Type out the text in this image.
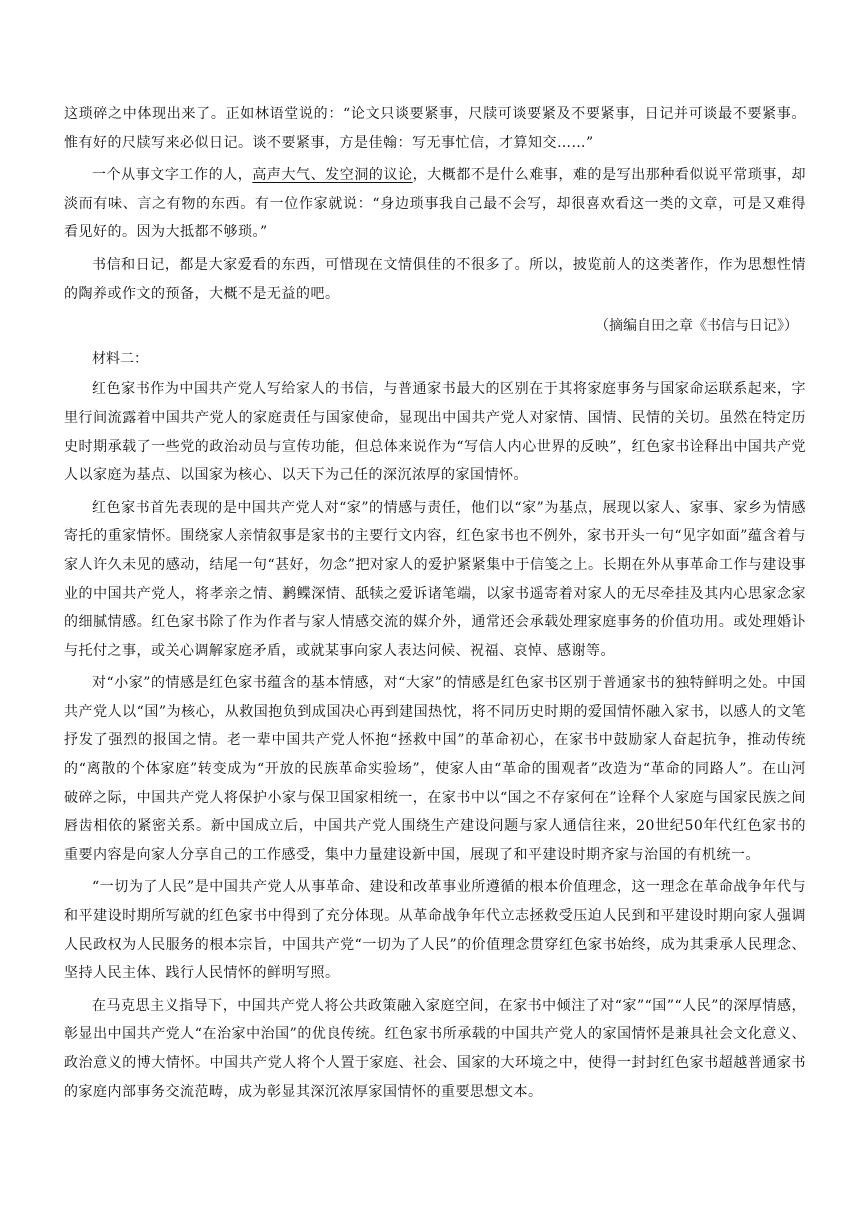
这琐碎之中体现出来了。正如林语堂说的：“论文只谈要紧事，尺牍可谈要紧及不要紧事，日记并可谈最不要紧事。惟有好的尺牍写来必似日记。谈不要紧事，方是佳翰：写无事忙信，才算知交……”

一个从事文字工作的人，高声大气、发空洞的议论，大概都不是什么难事，难的是写出那种看似说平常琐事，却淡而有味、言之有物的东西。有一位作家就说：“身边琐事我自己最不会写，却很喜欢看这一类的文章，可是又难得看见好的。因为大抵都不够琐。”

书信和日记，都是大家爱看的东西，可惜现在文情俱佳的不很多了。所以，披览前人的这类著作，作为思想性情的陶养或作文的预备，大概不是无益的吧。

（摘编自田之章《书信与日记》）

材料二：

红色家书作为中国共产党人写给家人的书信，与普通家书最大的区别在于其将家庭事务与国家命运联系起来，字里行间流露着中国共产党人的家庭责任与国家使命，显现出中国共产党人对家情、国情、民情的关切。虽然在特定历史时期承载了一些党的政治动员与宣传功能，但总体来说作为“写信人内心世界的反映”，红色家书诠释出中国共产党人以家庭为基点、以国家为核心、以天下为己任的深沉浓厚的家国情怀。

红色家书首先表现的是中国共产党人对“家”的情感与责任，他们以“家”为基点，展现以家人、家事、家乡为情感寄托的重家情怀。围绕家人亲情叙事是家书的主要行文内容，红色家书也不例外，家书开头一句“见字如面”蕴含着与家人许久未见的感动，结尾一句“甚好，勿念”把对家人的爱护紧紧集中于信笺之上。长期在外从事革命工作与建设事业的中国共产党人，将孝亲之情、鹣鲽深情、舐犊之爱诉诸笔端，以家书遥寄着对家人的无尽牵挂及其内心思家念家的细腻情感。红色家书除了作为作者与家人情感交流的媒介外，通常还会承载处理家庭事务的价值功用。或处理婚讣与托付之事，或关心调解家庭矛盾，或就某事向家人表达问候、祝福、哀悼、感谢等。

对“小家”的情感是红色家书蕴含的基本情感，对“大家”的情感是红色家书区别于普通家书的独特鲜明之处。中国共产党人以“国”为核心，从救国抱负到成国决心再到建国热忱，将不同历史时期的爱国情怀融入家书，以感人的文笔抒发了强烈的报国之情。老一辈中国共产党人怀抱“拯救中国”的革命初心，在家书中鼓励家人奋起抗争，推动传统的“离散的个体家庭”转变成为“开放的民族革命实验场”，使家人由“革命的围观者”改造为“革命的同路人”。在山河破碎之际，中国共产党人将保护小家与保卫国家相统一，在家书中以“国之不存家何在”诠释个人家庭与国家民族之间唇齿相依的紧密关系。新中国成立后，中国共产党人围绕生产建设问题与家人通信往来，20世纪50年代红色家书的重要内容是向家人分享自己的工作感受，集中力量建设新中国，展现了和平建设时期齐家与治国的有机统一。

“一切为了人民”是中国共产党人从事革命、建设和改革事业所遵循的根本价值理念，这一理念在革命战争年代与和平建设时期所写就的红色家书中得到了充分体现。从革命战争年代立志拯救受压迫人民到和平建设时期向家人强调人民政权为人民服务的根本宗旨，中国共产党“一切为了人民”的价值理念贯穿红色家书始终，成为其秉承人民理念、坚持人民主体、践行人民情怀的鲜明写照。

在马克思主义指导下，中国共产党人将公共政策融入家庭空间，在家书中倾注了对“家”“国”“人民”的深厚情感，彰显出中国共产党人“在治家中治国”的优良传统。红色家书所承载的中国共产党人的家国情怀是兼具社会文化意义、政治意义的博大情怀。中国共产党人将个人置于家庭、社会、国家的大环境之中，使得一封封红色家书超越普通家书的家庭内部事务交流范畴，成为彰显其深沉浓厚家国情怀的重要思想文本。
